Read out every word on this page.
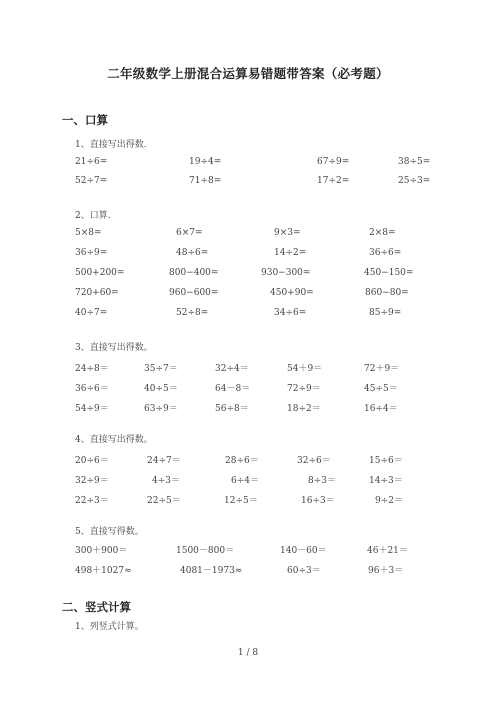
二年级数学上册混合运算易错题带答案（必考题）
一、口算
1、直接写出得数.
21÷6=	19÷4=	67÷9=	38÷5=
52÷7=	71÷8=	17÷2=	25÷3=
2、口算.
5×8=	6×7=	9×3=	2×8=
36÷9=	48÷6=	14÷2=	36÷6=
500+200=	800−400=	930−300=	450−150=
720+60=	960−600=	450+90=	860−80=
40÷7=	52÷8=	34÷6=	85÷9=
3、直接写出得数。
24÷8＝	35÷7＝	32÷4＝	54＋9＝	72＋9＝
36÷6＝	40÷5＝	64－8＝	72÷9＝	45÷5＝
54÷9＝	63÷9＝	56÷8＝	18÷2＝	16÷4＝
4、直接写出得数。
20÷6＝	24÷7＝	28÷6＝	32÷6＝	15÷6＝
32÷9＝	4÷3＝	6÷4＝	8÷3＝	14÷3＝
22÷3＝	22÷5＝	12÷5＝	16÷3＝	9÷2＝
5、直接写得数。
300＋900＝	1500－800＝	140－60＝	46＋21＝
498＋1027≈	4081－1973≈	60÷3＝	96＋3＝
二、竖式计算
1、列竖式计算。
1 / 8
